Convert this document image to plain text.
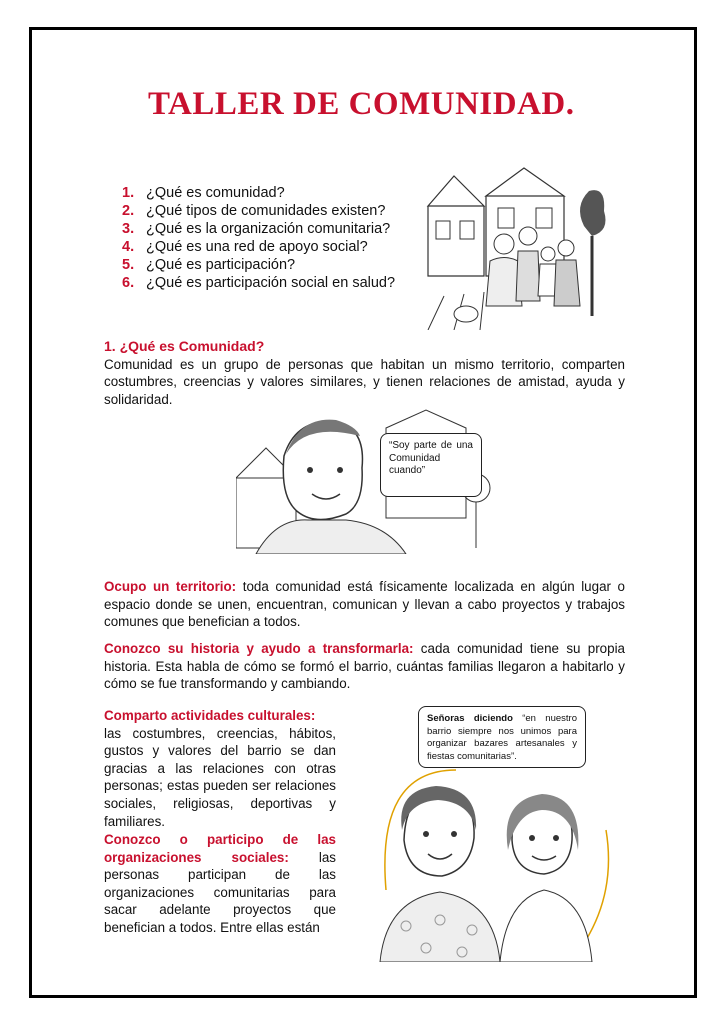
TALLER DE COMUNIDAD.
1. ¿Qué es comunidad?
2. ¿Qué tipos de comunidades existen?
3. ¿Qué es la organización comunitaria?
4. ¿Qué es una red de apoyo social?
5. ¿Qué es participación?
6. ¿Qué es participación social en salud?

1. ¿Qué es Comunidad?
Comunidad es un grupo de personas que habitan un mismo territorio, comparten costumbres, creencias y valores similares, y tienen relaciones de amistad, ayuda y solidaridad.

“Soy parte de una Comunidad cuando”

Ocupo un territorio: toda comunidad está físicamente localizada en algún lugar o espacio donde se unen, encuentran, comunican y llevan a cabo proyectos y trabajos comunes que benefician a todos.

Conozco su historia y ayudo a transformarla: cada comunidad tiene su propia historia. Esta habla de cómo se formó el barrio, cuántas familias llegaron a habitarlo y cómo se fue transformando y cambiando.

Comparto actividades culturales:
las costumbres, creencias, hábitos, gustos y valores del barrio se dan gracias a las relaciones con otras personas; estas pueden ser relaciones sociales, religiosas, deportivas y familiares.

Conozco o participo de las organizaciones sociales: las personas participan de las organizaciones comunitarias para sacar adelante proyectos que benefician a todos. Entre ellas están

Señoras diciendo “en nuestro barrio siempre nos unimos para organizar bazares artesanales y fiestas comunitarias”.
